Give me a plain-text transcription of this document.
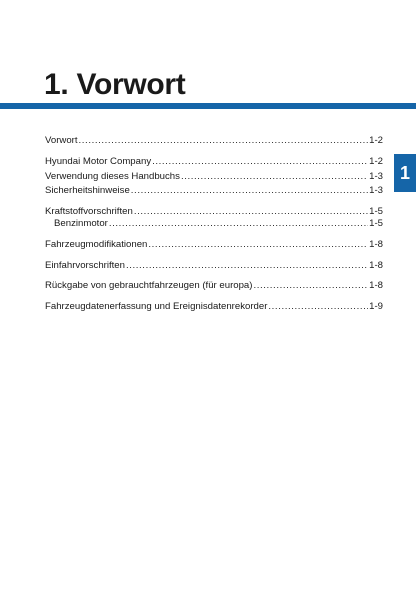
1. Vorwort
Vorwort .....	1-2
Hyundai Motor Company .....	1-2
Verwendung dieses Handbuchs .....	1-3
Sicherheitshinweise .....	1-3
Kraftstoffvorschriften .....	1-5
Benzinmotor .....	1-5
Fahrzeugmodifikationen .....	1-8
Einfahrvorschriften .....	1-8
Rückgabe von gebrauchtfahrzeugen (für europa) .....	1-8
Fahrzeugdatenerfassung und Ereignisdatenrekorder .....	1-9
1
